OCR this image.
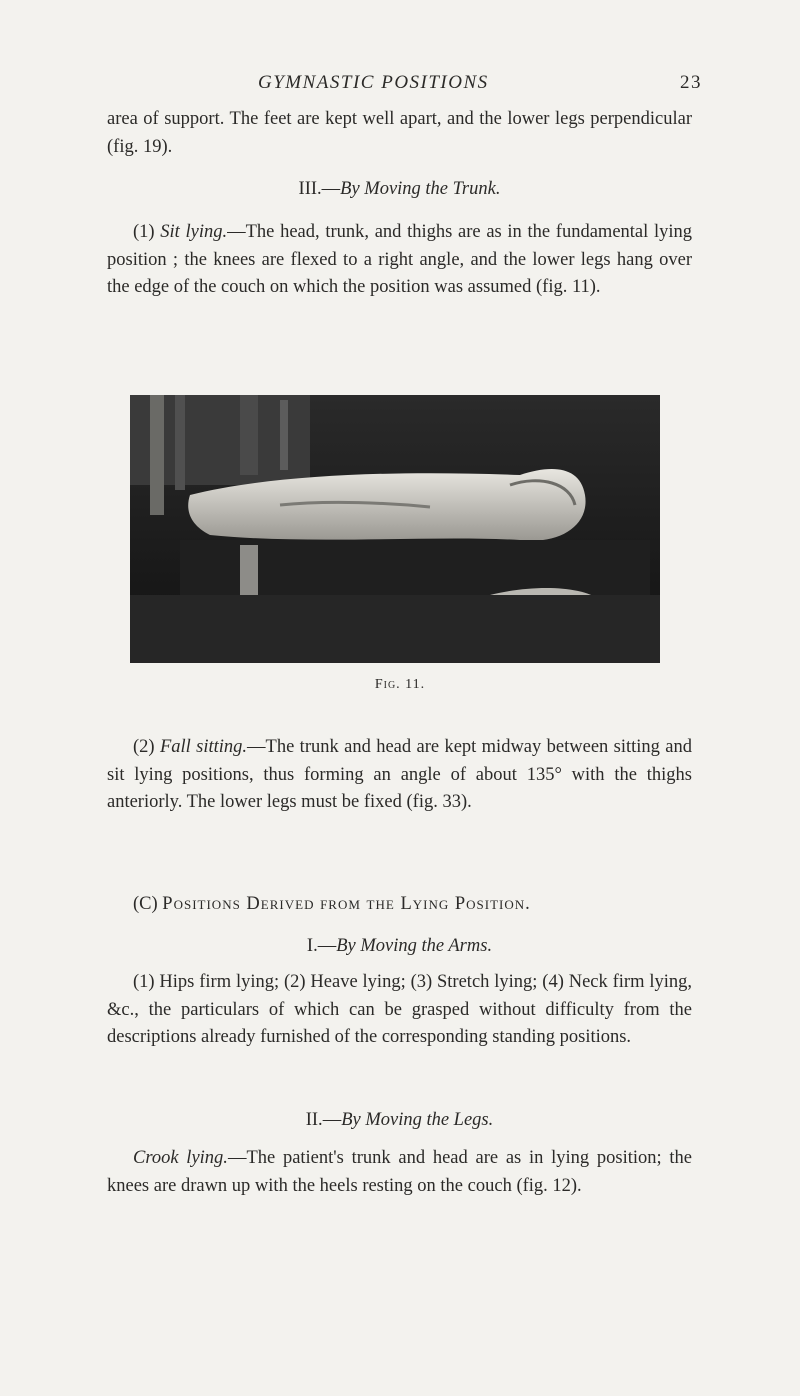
GYMNASTIC POSITIONS	23

area of support. The feet are kept well apart, and the lower legs perpendicular (fig. 19).

III.—By Moving the Trunk.

(1) Sit lying.—The head, trunk, and thighs are as in the fundamental lying position ; the knees are flexed to a right angle, and the lower legs hang over the edge of the couch on which the position was assumed (fig. 11).

Fig. 11.

(2) Fall sitting.—The trunk and head are kept midway between sitting and sit lying positions, thus forming an angle of about 135° with the thighs anteriorly. The lower legs must be fixed (fig. 33).

(C) Positions Derived from the Lying Position.

I.—By Moving the Arms.

(1) Hips firm lying; (2) Heave lying; (3) Stretch lying; (4) Neck firm lying, &c., the particulars of which can be grasped without difficulty from the descriptions already furnished of the corresponding standing positions.

II.—By Moving the Legs.

Crook lying.—The patient's trunk and head are as in lying position; the knees are drawn up with the heels resting on the couch (fig. 12).
